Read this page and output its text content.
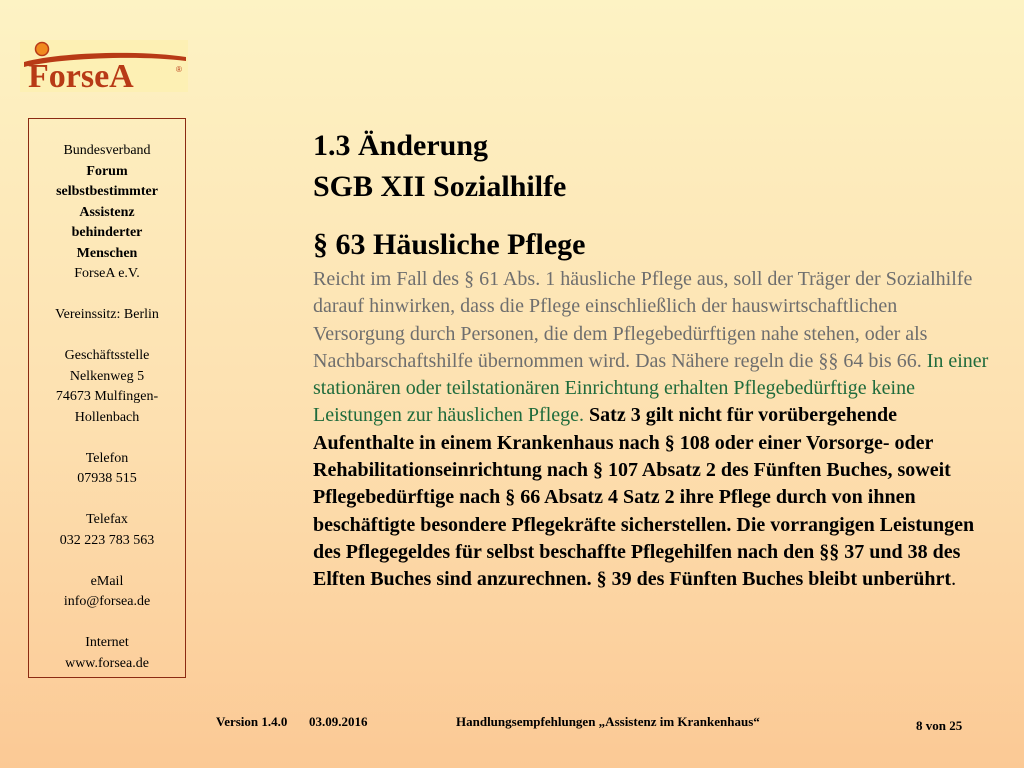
ForseA	®
Bundesverband
Forum
selbstbestimmter
Assistenz
behinderter
Menschen
ForseA e.V.
Vereinssitz: Berlin
Geschäftsstelle
Nelkenweg 5
74673 Mulfingen-
Hollenbach
Telefon
07938 515
Telefax
032 223 783 563
eMail
info@forsea.de
Internet
www.forsea.de
1.3 Änderung
SGB XII Sozialhilfe
§ 63 Häusliche Pflege
Reicht im Fall des § 61 Abs. 1 häusliche Pflege aus, soll der Träger der Sozialhilfe darauf hinwirken, dass die Pflege einschließlich der hauswirtschaftlichen Versorgung durch Personen, die dem Pflegebedürftigen nahe stehen, oder als Nachbarschaftshilfe übernommen wird. Das Nähere regeln die §§ 64 bis 66. In einer stationären oder teilstationären Einrichtung erhalten Pflegebedürftige keine Leistungen zur häuslichen Pflege. Satz 3 gilt nicht für vorübergehende Aufenthalte in einem Krankenhaus nach § 108 oder einer Vorsorge- oder Rehabilitationseinrichtung nach § 107 Absatz 2 des Fünften Buches, soweit Pflegebedürftige nach § 66 Absatz 4 Satz 2 ihre Pflege durch von ihnen beschäftigte besondere Pflegekräfte sicherstellen. Die vorrangigen Leistungen des Pflegegeldes für selbst beschaffte Pflegehilfen nach den §§ 37 und 38 des Elften Buches sind anzurechnen. § 39 des Fünften Buches bleibt unberührt.
Version 1.4.0 03.09.2016	Handlungsempfehlungen „Assistenz im Krankenhaus“	8 von 25
